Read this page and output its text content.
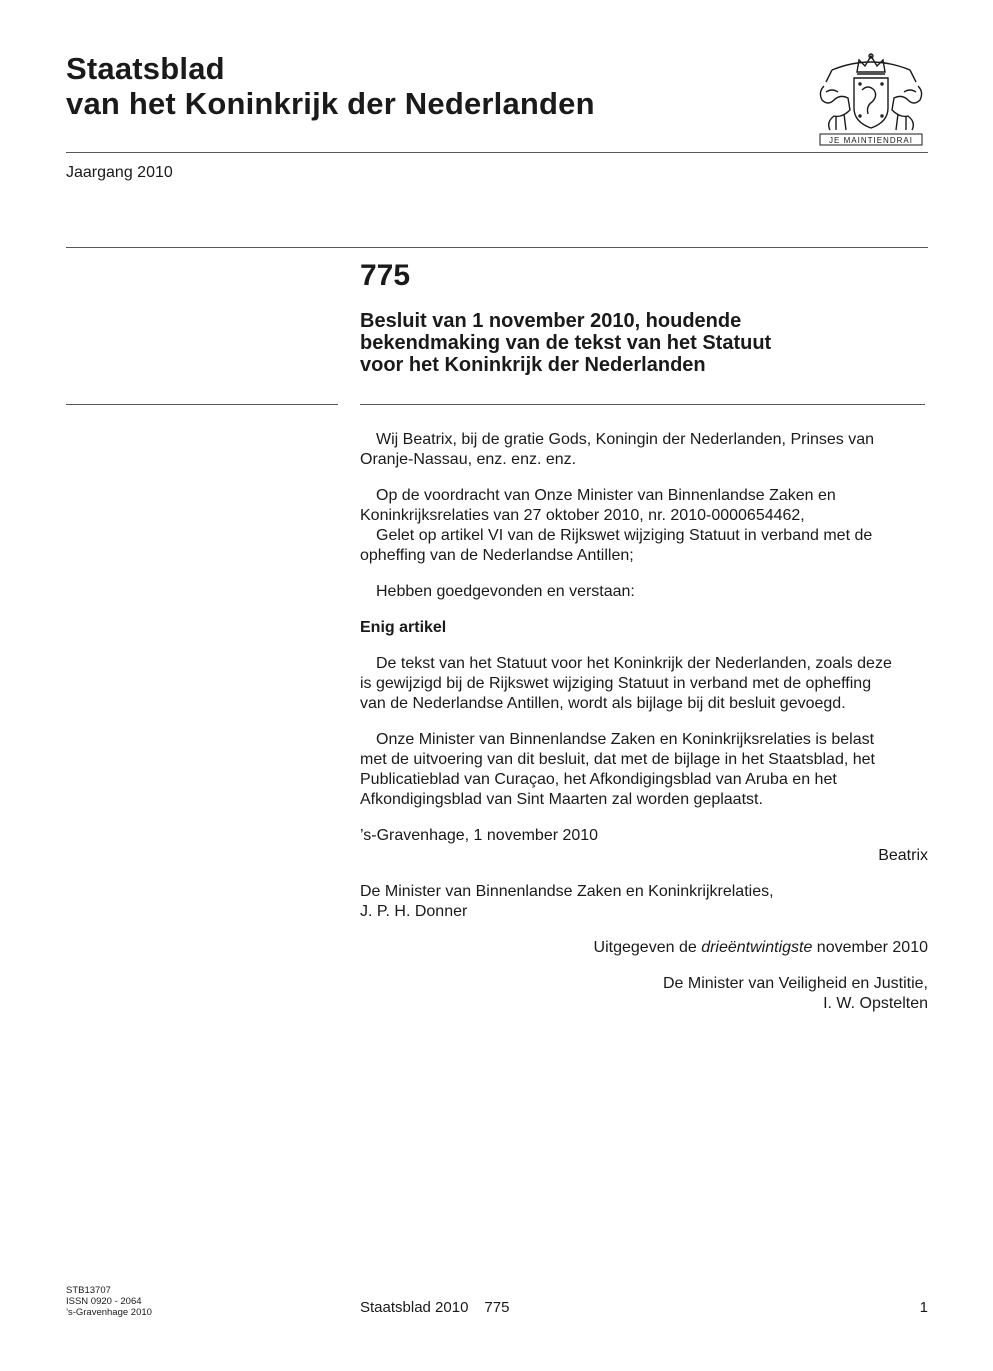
Staatsblad
van het Koninkrijk der Nederlanden
JE MAINTIENDRAI
Jaargang 2010
775
Besluit van 1 november 2010, houdende
bekendmaking van de tekst van het Statuut
voor het Koninkrijk der Nederlanden
Wij Beatrix, bij de gratie Gods, Koningin der Nederlanden, Prinses van
Oranje-Nassau, enz. enz. enz.
Op de voordracht van Onze Minister van Binnenlandse Zaken en
Koninkrijksrelaties van 27 oktober 2010, nr. 2010-0000654462,
Gelet op artikel VI van de Rijkswet wijziging Statuut in verband met de
opheffing van de Nederlandse Antillen;
Hebben goedgevonden en verstaan:
Enig artikel
De tekst van het Statuut voor het Koninkrijk der Nederlanden, zoals deze
is gewijzigd bij de Rijkswet wijziging Statuut in verband met de opheffing
van de Nederlandse Antillen, wordt als bijlage bij dit besluit gevoegd.
Onze Minister van Binnenlandse Zaken en Koninkrijksrelaties is belast
met de uitvoering van dit besluit, dat met de bijlage in het Staatsblad, het
Publicatieblad van Curaçao, het Afkondigingsblad van Aruba en het
Afkondigingsblad van Sint Maarten zal worden geplaatst.
’s-Gravenhage, 1 november 2010
Beatrix
De Minister van Binnenlandse Zaken en Koninkrijkrelaties,
J. P. H. Donner
Uitgegeven de drieëntwintigste november 2010
De Minister van Veiligheid en Justitie,
I. W. Opstelten
STB13707
ISSN 0920 - 2064
’s-Gravenhage 2010	Staatsblad 2010 775	1
